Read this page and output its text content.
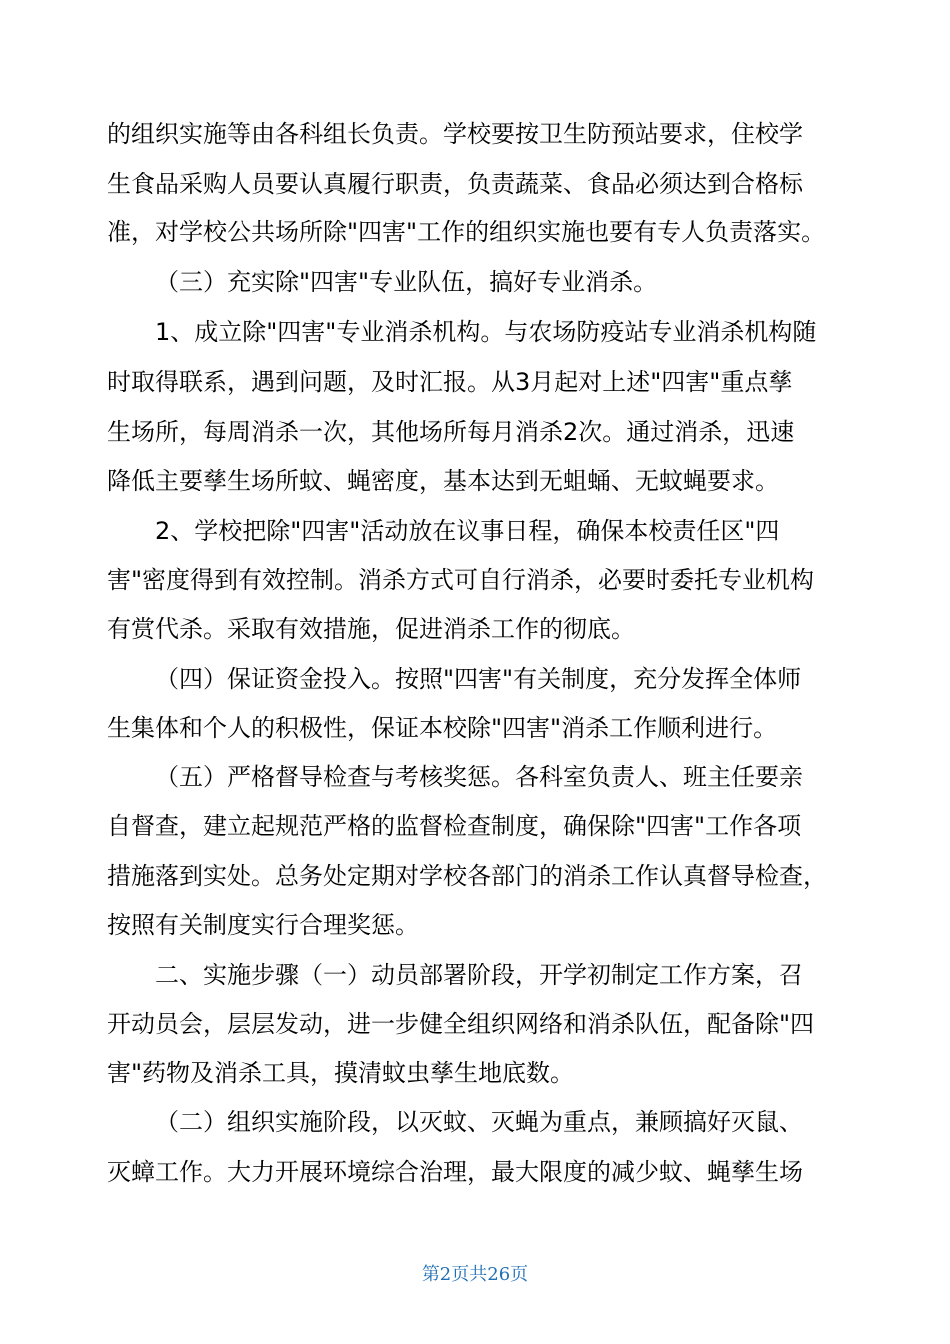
的组织实施等由各科组长负责。学校要按卫生防预站要求，住校学
生食品采购人员要认真履行职责，负责蔬菜、食品必须达到合格标
准，对学校公共场所除"四害"工作的组织实施也要有专人负责落实。
（三）充实除"四害"专业队伍，搞好专业消杀。
1、成立除"四害"专业消杀机构。与农场防疫站专业消杀机构随
时取得联系，遇到问题，及时汇报。从3月起对上述"四害"重点孳
生场所，每周消杀一次，其他场所每月消杀2次。通过消杀，迅速
降低主要孳生场所蚊、蝇密度，基本达到无蛆蛹、无蚊蝇要求。
2、学校把除"四害"活动放在议事日程，确保本校责任区"四
害"密度得到有效控制。消杀方式可自行消杀，必要时委托专业机构
有赏代杀。采取有效措施，促进消杀工作的彻底。
（四）保证资金投入。按照"四害"有关制度，充分发挥全体师
生集体和个人的积极性，保证本校除"四害"消杀工作顺利进行。
（五）严格督导检查与考核奖惩。各科室负责人、班主任要亲
自督查，建立起规范严格的监督检查制度，确保除"四害"工作各项
措施落到实处。总务处定期对学校各部门的消杀工作认真督导检查，
按照有关制度实行合理奖惩。
二、实施步骤（一）动员部署阶段，开学初制定工作方案，召
开动员会，层层发动，进一步健全组织网络和消杀队伍，配备除"四
害"药物及消杀工具，摸清蚊虫孳生地底数。
（二）组织实施阶段，以灭蚊、灭蝇为重点，兼顾搞好灭鼠、
灭蟑工作。大力开展环境综合治理，最大限度的减少蚊、蝇孳生场
第2页共26页
